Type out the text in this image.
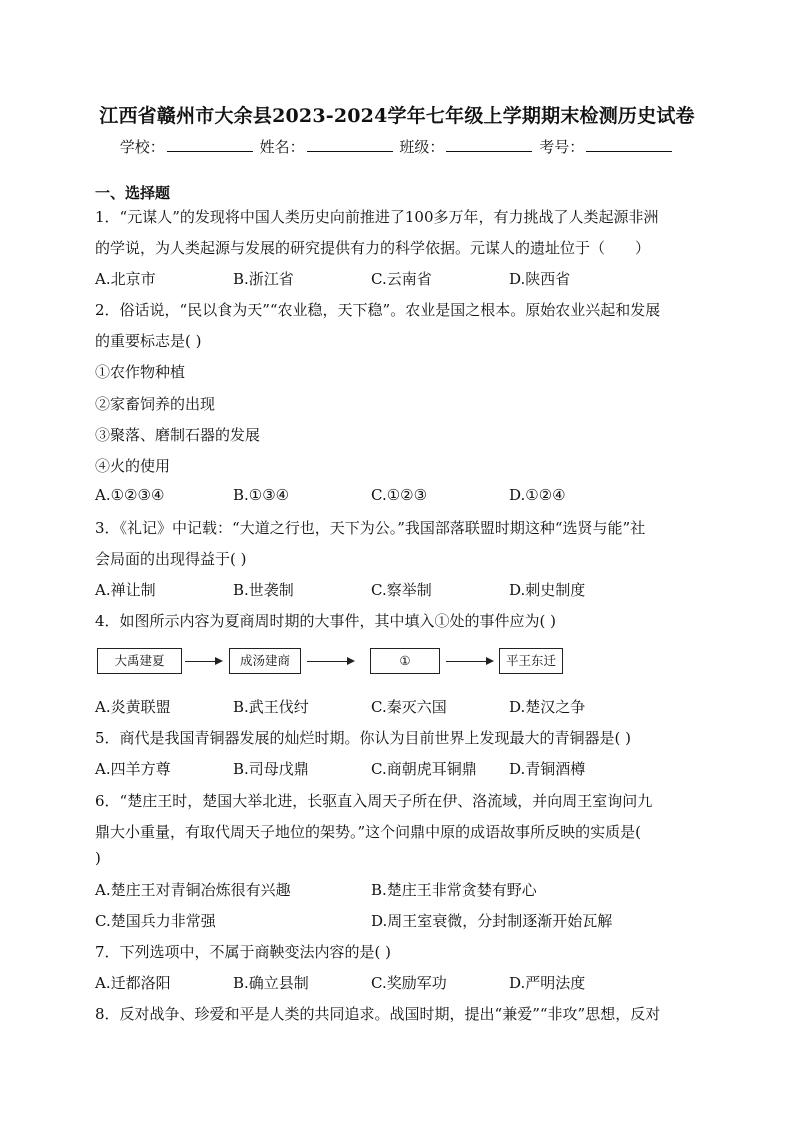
江西省赣州市大余县2023-2024学年七年级上学期期末检测历史试卷
学校：	姓名：	班级：	考号：
一、选择题
1．“元谋人”的发现将中国人类历史向前推进了100多万年，有力挑战了人类起源非洲
的学说，为人类起源与发展的研究提供有力的科学依据。元谋人的遗址位于（　　）
A.北京市	B.浙江省	C.云南省	D.陕西省
2．俗话说，“民以食为天”“农业稳，天下稳”。农业是国之根本。原始农业兴起和发展
的重要标志是( )
①农作物种植
②家畜饲养的出现
③聚落、磨制石器的发展
④火的使用
A.①②③④	B.①③④	C.①②③	D.①②④
3．《礼记》中记载：“大道之行也，天下为公。”我国部落联盟时期这种“选贤与能”社
会局面的出现得益于( )
A.禅让制	B.世袭制	C.察举制	D.刺史制度
4．如图所示内容为夏商周时期的大事件，其中填入①处的事件应为( )
大禹建夏	成汤建商	①	平王东迁
A.炎黄联盟	B.武王伐纣	C.秦灭六国	D.楚汉之争
5．商代是我国青铜器发展的灿烂时期。你认为目前世界上发现最大的青铜器是( )
A.四羊方尊	B.司母戊鼎	C.商朝虎耳铜鼎 D.青铜酒樽
6．“楚庄王时，楚国大举北进，长驱直入周天子所在伊、洛流域，并向周王室询问九
鼎大小重量，有取代周天子地位的架势。”这个问鼎中原的成语故事所反映的实质是(
)
A.楚庄王对青铜冶炼很有兴趣	B.楚庄王非常贪婪有野心
C.楚国兵力非常强	D.周王室衰微，分封制逐渐开始瓦解
7．下列选项中，不属于商鞅变法内容的是( )
A.迁都洛阳	B.确立县制	C.奖励军功	D.严明法度
8．反对战争、珍爱和平是人类的共同追求。战国时期，提出“兼爱”“非攻”思想，反对
